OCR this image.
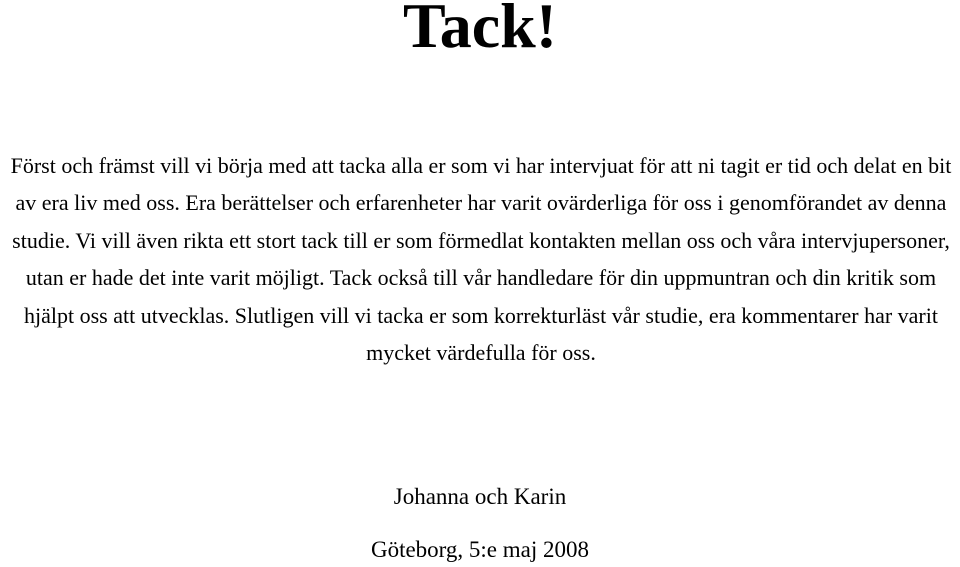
Tack!

Först och främst vill vi börja med att tacka alla er som vi har intervjuat för att ni tagit er tid och delat en bit av era liv med oss. Era berättelser och erfarenheter har varit ovärderliga för oss i genomförandet av denna studie. Vi vill även rikta ett stort tack till er som förmedlat kontakten mellan oss och våra intervjupersoner, utan er hade det inte varit möjligt. Tack också till vår handledare för din uppmuntran och din kritik som hjälpt oss att utvecklas. Slutligen vill vi tacka er som korrekturläst vår studie, era kommentarer har varit mycket värdefulla för oss.

Johanna och Karin

Göteborg, 5:e maj 2008
